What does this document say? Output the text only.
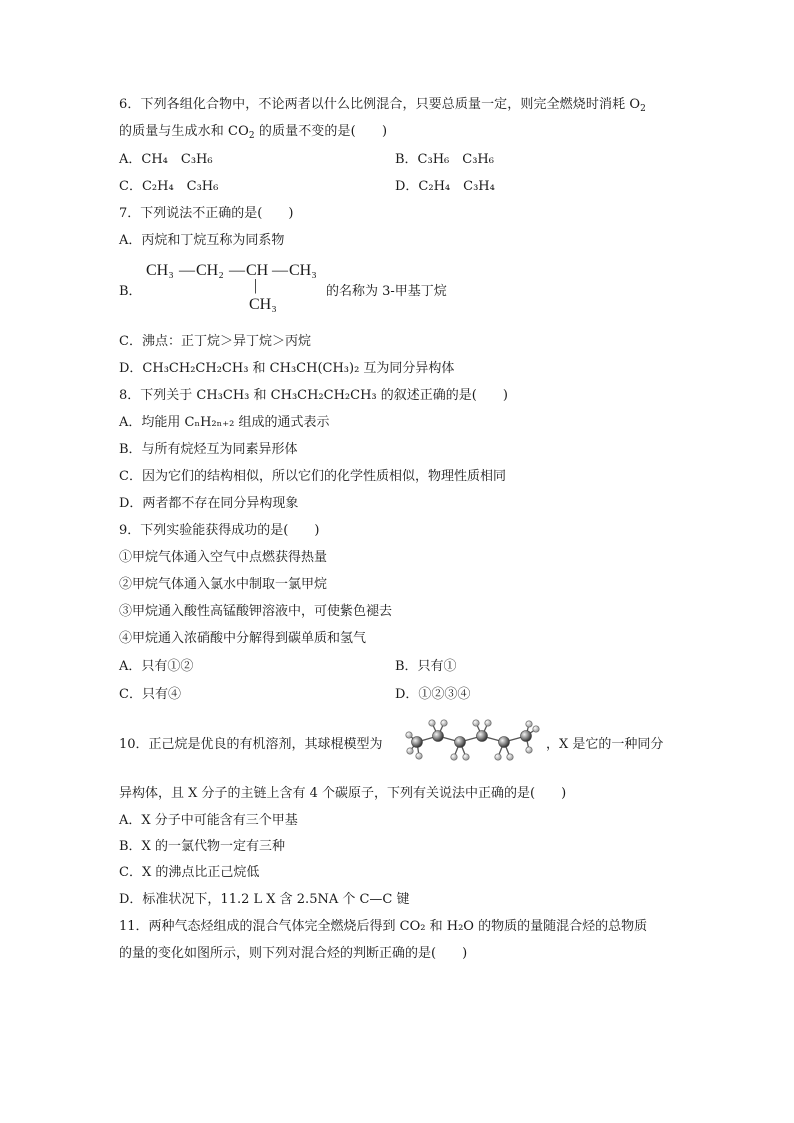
6．下列各组化合物中，不论两者以什么比例混合，只要总质量一定，则完全燃烧时消耗 $O_2$
的质量与生成水和 $CO_2$ 的质量不变的是(　　)
A．CH₄　C₃H₆	B．C₃H₆　C₃H₆
C．C₂H₄　C₃H₆	D．C₂H₄　C₃H₄
7．下列说法不正确的是(　　)
A．丙烷和丁烷互称为同系物
B．
CH₃ — CH₂ — CH — CH₃
|
CH₃
的名称为 3-甲基丁烷
C．沸点：正丁烷＞异丁烷＞丙烷
D．CH₃CH₂CH₂CH₃ 和 CH₃CH(CH₃)₂ 互为同分异构体
8．下列关于 CH₃CH₃ 和 CH₃CH₂CH₂CH₃ 的叙述正确的是(　　)
A．均能用 CₙH₂ₙ₊₂ 组成的通式表示
B．与所有烷烃互为同素异形体
C．因为它们的结构相似，所以它们的化学性质相似，物理性质相同
D．两者都不存在同分异构现象
9．下列实验能获得成功的是(　　)
①甲烷气体通入空气中点燃获得热量
②甲烷气体通入氯水中制取一氯甲烷
③甲烷通入酸性高锰酸钾溶液中，可使紫色褪去
④甲烷通入浓硝酸中分解得到碳单质和氢气
A．只有①②	B．只有①
C．只有④	D．①②③④
10．正己烷是优良的有机溶剂，其球棍模型为	，X 是它的一种同分
异构体，且 X 分子的主链上含有 4 个碳原子，下列有关说法中正确的是(　　)
A．X 分子中可能含有三个甲基
B．X 的一氯代物一定有三种
C．X 的沸点比正己烷低
D．标准状况下，11.2 L X 含 2.5NA 个 C—C 键
11．两种气态烃组成的混合气体完全燃烧后得到 CO₂ 和 H₂O 的物质的量随混合烃的总物质
的量的变化如图所示，则下列对混合烃的判断正确的是(　　)
